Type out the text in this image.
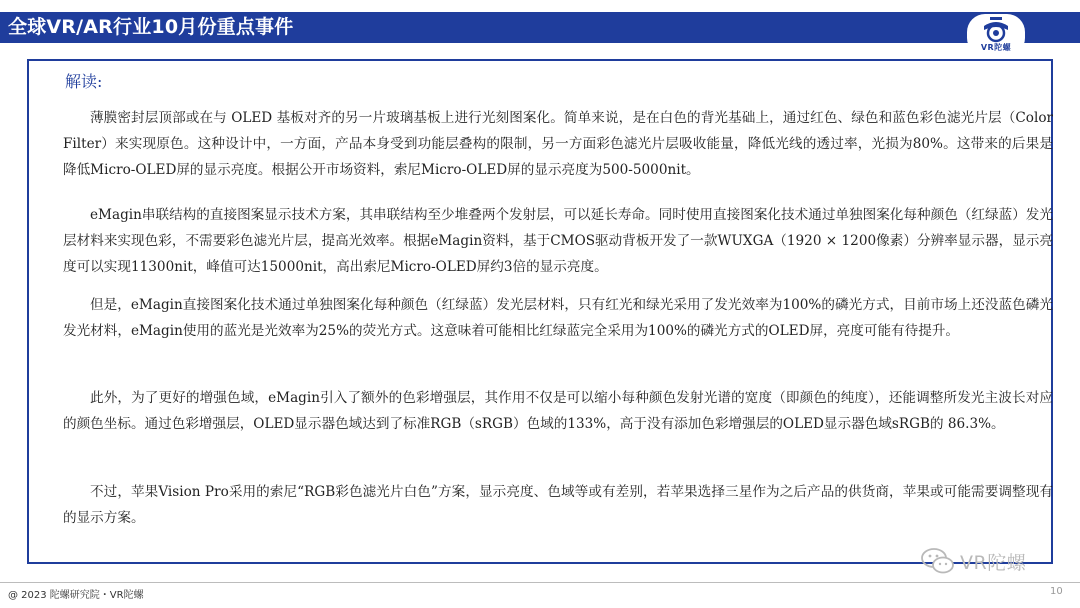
全球VR/AR行业10月份重点事件
VR陀螺
解读:

薄膜密封层顶部或在与 OLED 基板对齐的另一片玻璃基板上进行光刻图案化。简单来说，是在白色的背光基础上，通过红色、绿色和蓝色彩色滤光片层（Color Filter）来实现原色。这种设计中，一方面，产品本身受到功能层叠构的限制，另一方面彩色滤光片层吸收能量，降低光线的透过率，光损为80%。这带来的后果是降低Micro-OLED屏的显示亮度。根据公开市场资料，索尼Micro-OLED屏的显示亮度为500-5000nit。

eMagin串联结构的直接图案显示技术方案，其串联结构至少堆叠两个发射层，可以延长寿命。同时使用直接图案化技术通过单独图案化每种颜色（红绿蓝）发光层材料来实现色彩，不需要彩色滤光片层，提高光效率。根据eMagin资料，基于CMOS驱动背板开发了一款WUXGA（1920 × 1200像素）分辨率显示器，显示亮度可以实现11300nit，峰值可达15000nit，高出索尼Micro-OLED屏约3倍的显示亮度。

但是，eMagin直接图案化技术通过单独图案化每种颜色（红绿蓝）发光层材料，只有红光和绿光采用了发光效率为100%的磷光方式，目前市场上还没蓝色磷光发光材料，eMagin使用的蓝光是光效率为25%的荧光方式。这意味着可能相比红绿蓝完全采用为100%的磷光方式的OLED屏，亮度可能有待提升。

此外，为了更好的增强色域，eMagin引入了额外的色彩增强层，其作用不仅是可以缩小每种颜色发射光谱的宽度（即颜色的纯度），还能调整所发光主波长对应的颜色坐标。通过色彩增强层，OLED显示器色域达到了标准RGB（sRGB）色域的133%，高于没有添加色彩增强层的OLED显示器色域sRGB的 86.3%。

不过，苹果Vision Pro采用的索尼“RGB彩色滤光片白色”方案，显示亮度、色域等或有差别，若苹果选择三星作为之后产品的供货商，苹果或可能需要调整现有的显示方案。

VR陀螺
@ 2023 陀螺研究院・VR陀螺	10
